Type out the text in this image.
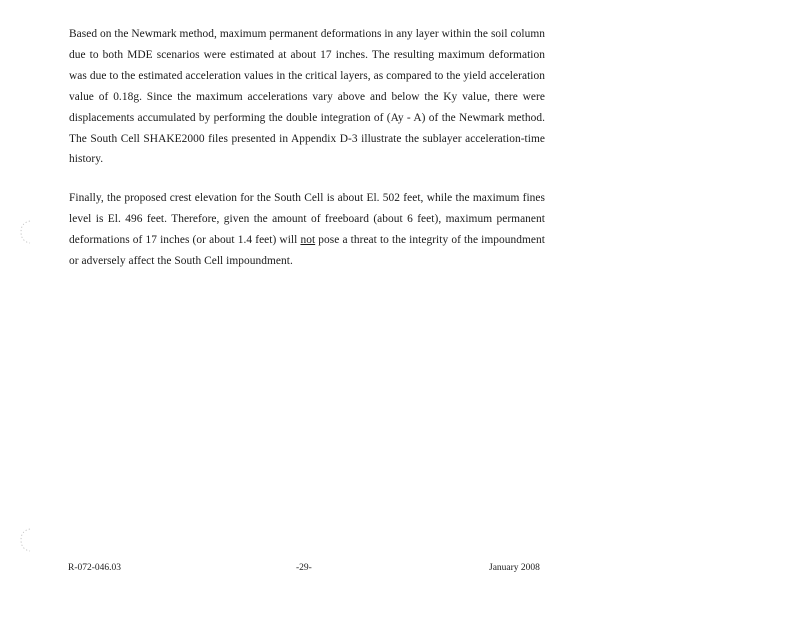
Based on the Newmark method, maximum permanent deformations in any layer within the soil column due to both MDE scenarios were estimated at about 17 inches. The resulting maximum deformation was due to the estimated acceleration values in the critical layers, as compared to the yield acceleration value of 0.18g. Since the maximum accelerations vary above and below the Ky value, there were displacements accumulated by performing the double integration of (Ay - A) of the Newmark method. The South Cell SHAKE2000 files presented in Appendix D-3 illustrate the sublayer acceleration-time history.

Finally, the proposed crest elevation for the South Cell is about El. 502 feet, while the maximum fines level is El. 496 feet. Therefore, given the amount of freeboard (about 6 feet), maximum permanent deformations of 17 inches (or about 1.4 feet) will not pose a threat to the integrity of the impoundment or adversely affect the South Cell impoundment.

R-072-046.03	-29-	January 2008
